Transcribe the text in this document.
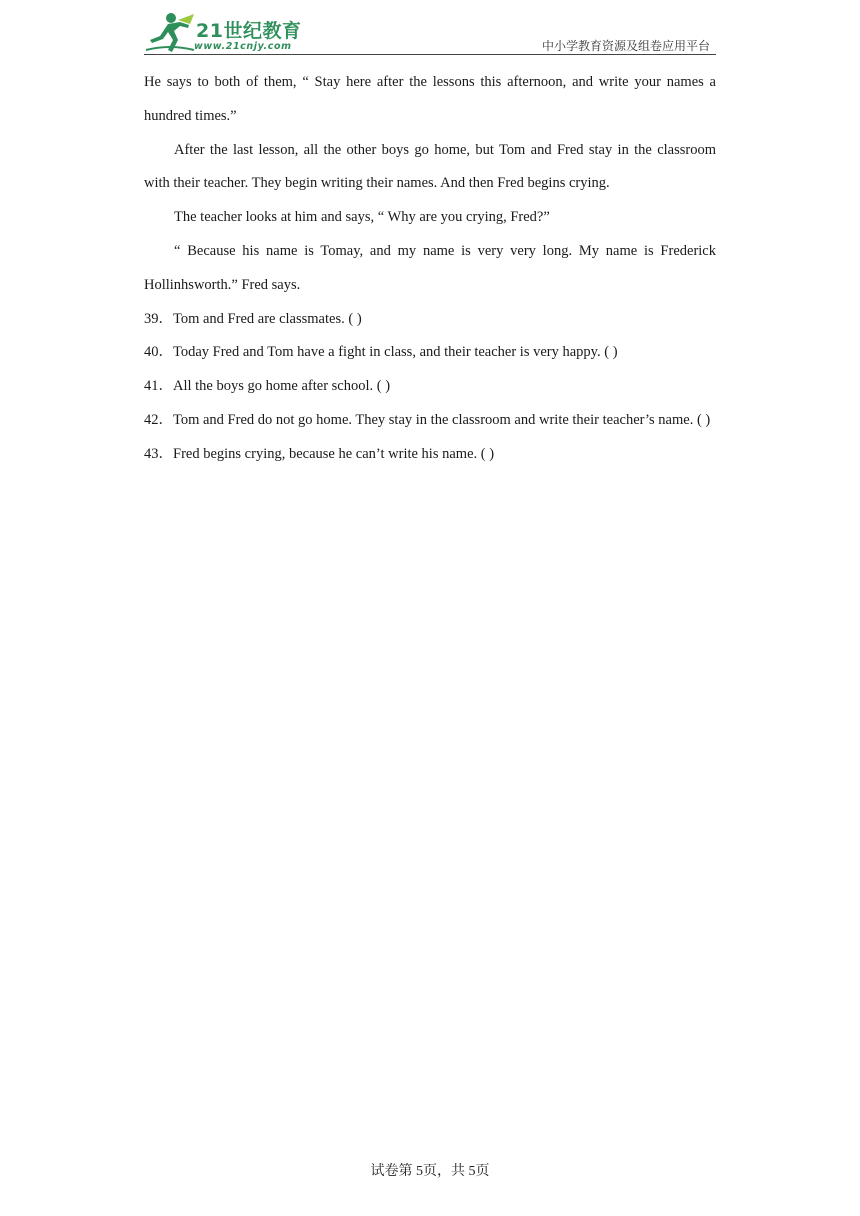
21世纪教育
www.21cnjy.com	中小学教育资源及组卷应用平台

He says to both of them, “ Stay here after the lessons this afternoon, and write your names a hundred times.”

After the last lesson, all the other boys go home, but Tom and Fred stay in the classroom with their teacher. They begin writing their names. And then Fred begins crying.

The teacher looks at him and says, “ Why are you crying, Fred?”

“ Because his name is Tomay, and my name is very very long. My name is Frederick Hollinhsworth.” Fred says.

39．Tom and Fred are classmates. ( )

40．Today Fred and Tom have a fight in class, and their teacher is very happy. ( )

41．All the boys go home after school. ( )

42．Tom and Fred do not go home. They stay in the classroom and write their teacher’s name. ( )

43．Fred begins crying, because he can’t write his name. ( )

试卷第 5页，共 5页
